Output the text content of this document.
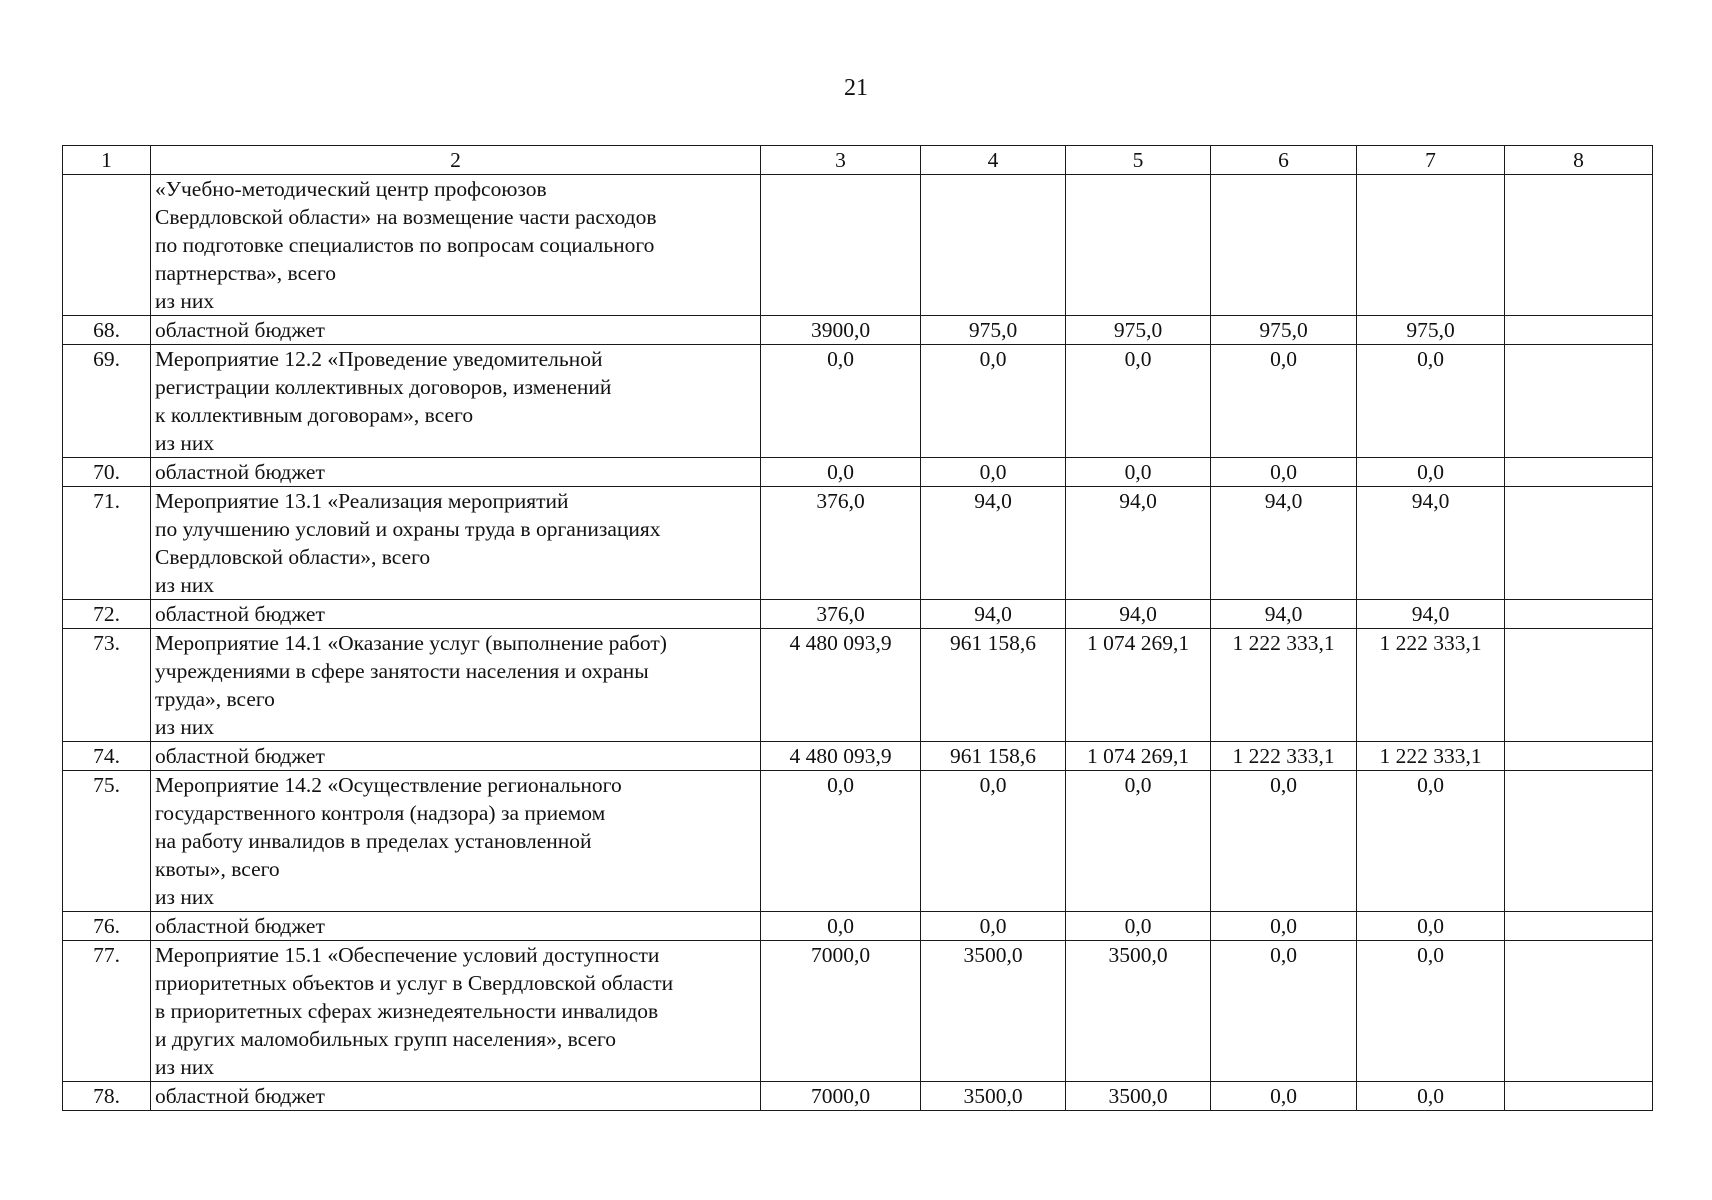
21
1	2	3	4	5	6	7	8

	«Учебно-методический центр профсоюзов
Свердловской области» на возмещение части расходов
по подготовке специалистов по вопросам социального
партнерства», всего
из них						

68.	областной бюджет	3900,0	975,0	975,0	975,0	975,0	
69.	Мероприятие 12.2 «Проведение уведомительной
регистрации коллективных договоров, изменений
к коллективным договорам», всего
из них	0,0	0,0	0,0	0,0	0,0	
70.	областной бюджет	0,0	0,0	0,0	0,0	0,0	
71.	Мероприятие 13.1 «Реализация мероприятий
по улучшению условий и охраны труда в организациях
Свердловской области», всего
из них	376,0	94,0	94,0	94,0	94,0	
72.	областной бюджет	376,0	94,0	94,0	94,0	94,0	
73.	Мероприятие 14.1 «Оказание услуг (выполнение работ)
учреждениями в сфере занятости населения и охраны
труда», всего
из них	4 480 093,9	961 158,6	1 074 269,1	1 222 333,1	1 222 333,1	
74.	областной бюджет	4 480 093,9	961 158,6	1 074 269,1	1 222 333,1	1 222 333,1	
75.	Мероприятие 14.2 «Осуществление регионального
государственного контроля (надзора) за приемом
на работу инвалидов в пределах установленной
квоты», всего
из них	0,0	0,0	0,0	0,0	0,0	
76.	областной бюджет	0,0	0,0	0,0	0,0	0,0	
77.	Мероприятие 15.1 «Обеспечение условий доступности
приоритетных объектов и услуг в Свердловской области
в приоритетных сферах жизнедеятельности инвалидов
и других маломобильных групп населения», всего
из них	7000,0	3500,0	3500,0	0,0	0,0	
78.	областной бюджет	7000,0	3500,0	3500,0	0,0	0,0	
